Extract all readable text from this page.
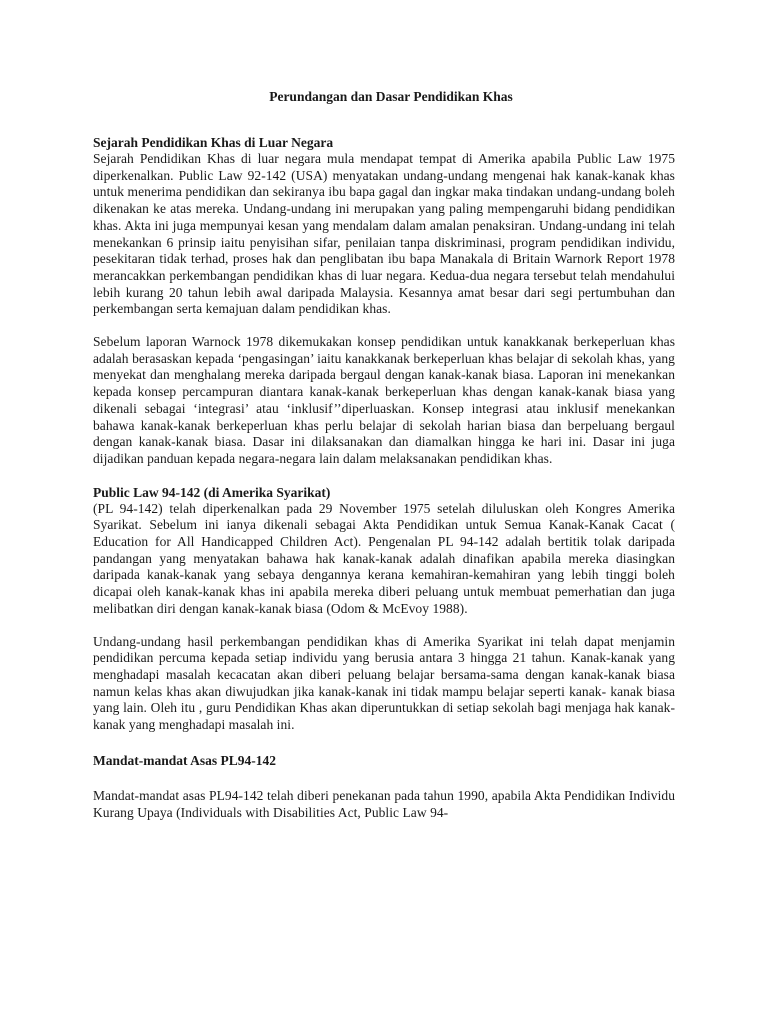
Perundangan dan Dasar Pendidikan Khas

Sejarah Pendidikan Khas di Luar Negara

Sejarah Pendidikan Khas di luar negara mula mendapat tempat di Amerika apabila Public Law 1975 diperkenalkan. Public Law 92-142 (USA) menyatakan undang-undang mengenai hak kanak-kanak khas untuk menerima pendidikan dan sekiranya ibu bapa gagal dan ingkar maka tindakan undang-undang boleh dikenakan ke atas mereka. Undang-undang ini merupakan yang paling mempengaruhi bidang pendidikan khas. Akta ini juga mempunyai kesan yang mendalam dalam amalan penaksiran. Undang-undang ini telah menekankan 6 prinsip iaitu penyisihan sifar, penilaian tanpa diskriminasi, program pendidikan individu, pesekitaran tidak terhad, proses hak dan penglibatan ibu bapa Manakala di Britain Warnork Report 1978 merancakkan perkembangan pendidikan khas di luar negara. Kedua-dua negara tersebut telah mendahului lebih kurang 20 tahun lebih awal daripada Malaysia. Kesannya amat besar dari segi pertumbuhan dan perkembangan serta kemajuan dalam pendidikan khas.

Sebelum laporan Warnock 1978 dikemukakan konsep pendidikan untuk kanakkanak berkeperluan khas adalah berasaskan kepada ‘pengasingan’ iaitu kanakkanak berkeperluan khas belajar di sekolah khas, yang menyekat dan menghalang mereka daripada bergaul dengan kanak-kanak biasa. Laporan ini menekankan kepada konsep percampuran diantara kanak-kanak berkeperluan khas dengan kanak-kanak biasa yang dikenali sebagai ‘integrasi’ atau ‘inklusif’’diperluaskan. Konsep integrasi atau inklusif menekankan bahawa kanak-kanak berkeperluan khas perlu belajar di sekolah harian biasa dan berpeluang bergaul dengan kanak-kanak biasa. Dasar ini dilaksanakan dan diamalkan hingga ke hari ini. Dasar ini juga dijadikan panduan kepada negara-negara lain dalam melaksanakan pendidikan khas.

Public Law 94-142 (di Amerika Syarikat)

(PL 94-142) telah diperkenalkan pada 29 November 1975 setelah diluluskan oleh Kongres Amerika Syarikat. Sebelum ini ianya dikenali sebagai Akta Pendidikan untuk Semua Kanak-Kanak Cacat ( Education for All Handicapped Children Act). Pengenalan PL 94-142 adalah bertitik tolak daripada pandangan yang menyatakan bahawa hak kanak-kanak adalah dinafikan apabila mereka diasingkan daripada kanak-kanak yang sebaya dengannya kerana kemahiran-kemahiran yang lebih tinggi boleh dicapai oleh kanak-kanak khas ini apabila mereka diberi peluang untuk membuat pemerhatian dan juga melibatkan diri dengan kanak-kanak biasa (Odom & McEvoy 1988).

Undang-undang hasil perkembangan pendidikan khas di Amerika Syarikat ini telah dapat menjamin pendidikan percuma kepada setiap individu yang berusia antara 3 hingga 21 tahun. Kanak-kanak yang menghadapi masalah kecacatan akan diberi peluang belajar bersama-sama dengan kanak-kanak biasa namun kelas khas akan diwujudkan jika kanak-kanak ini tidak mampu belajar seperti kanak- kanak biasa yang lain. Oleh itu , guru Pendidikan Khas akan diperuntukkan di setiap sekolah bagi menjaga hak kanak-kanak yang menghadapi masalah ini.

Mandat-mandat Asas PL94-142

Mandat-mandat asas PL94-142 telah diberi penekanan pada tahun 1990, apabila Akta Pendidikan Individu Kurang Upaya (Individuals with Disabilities Act, Public Law 94-
